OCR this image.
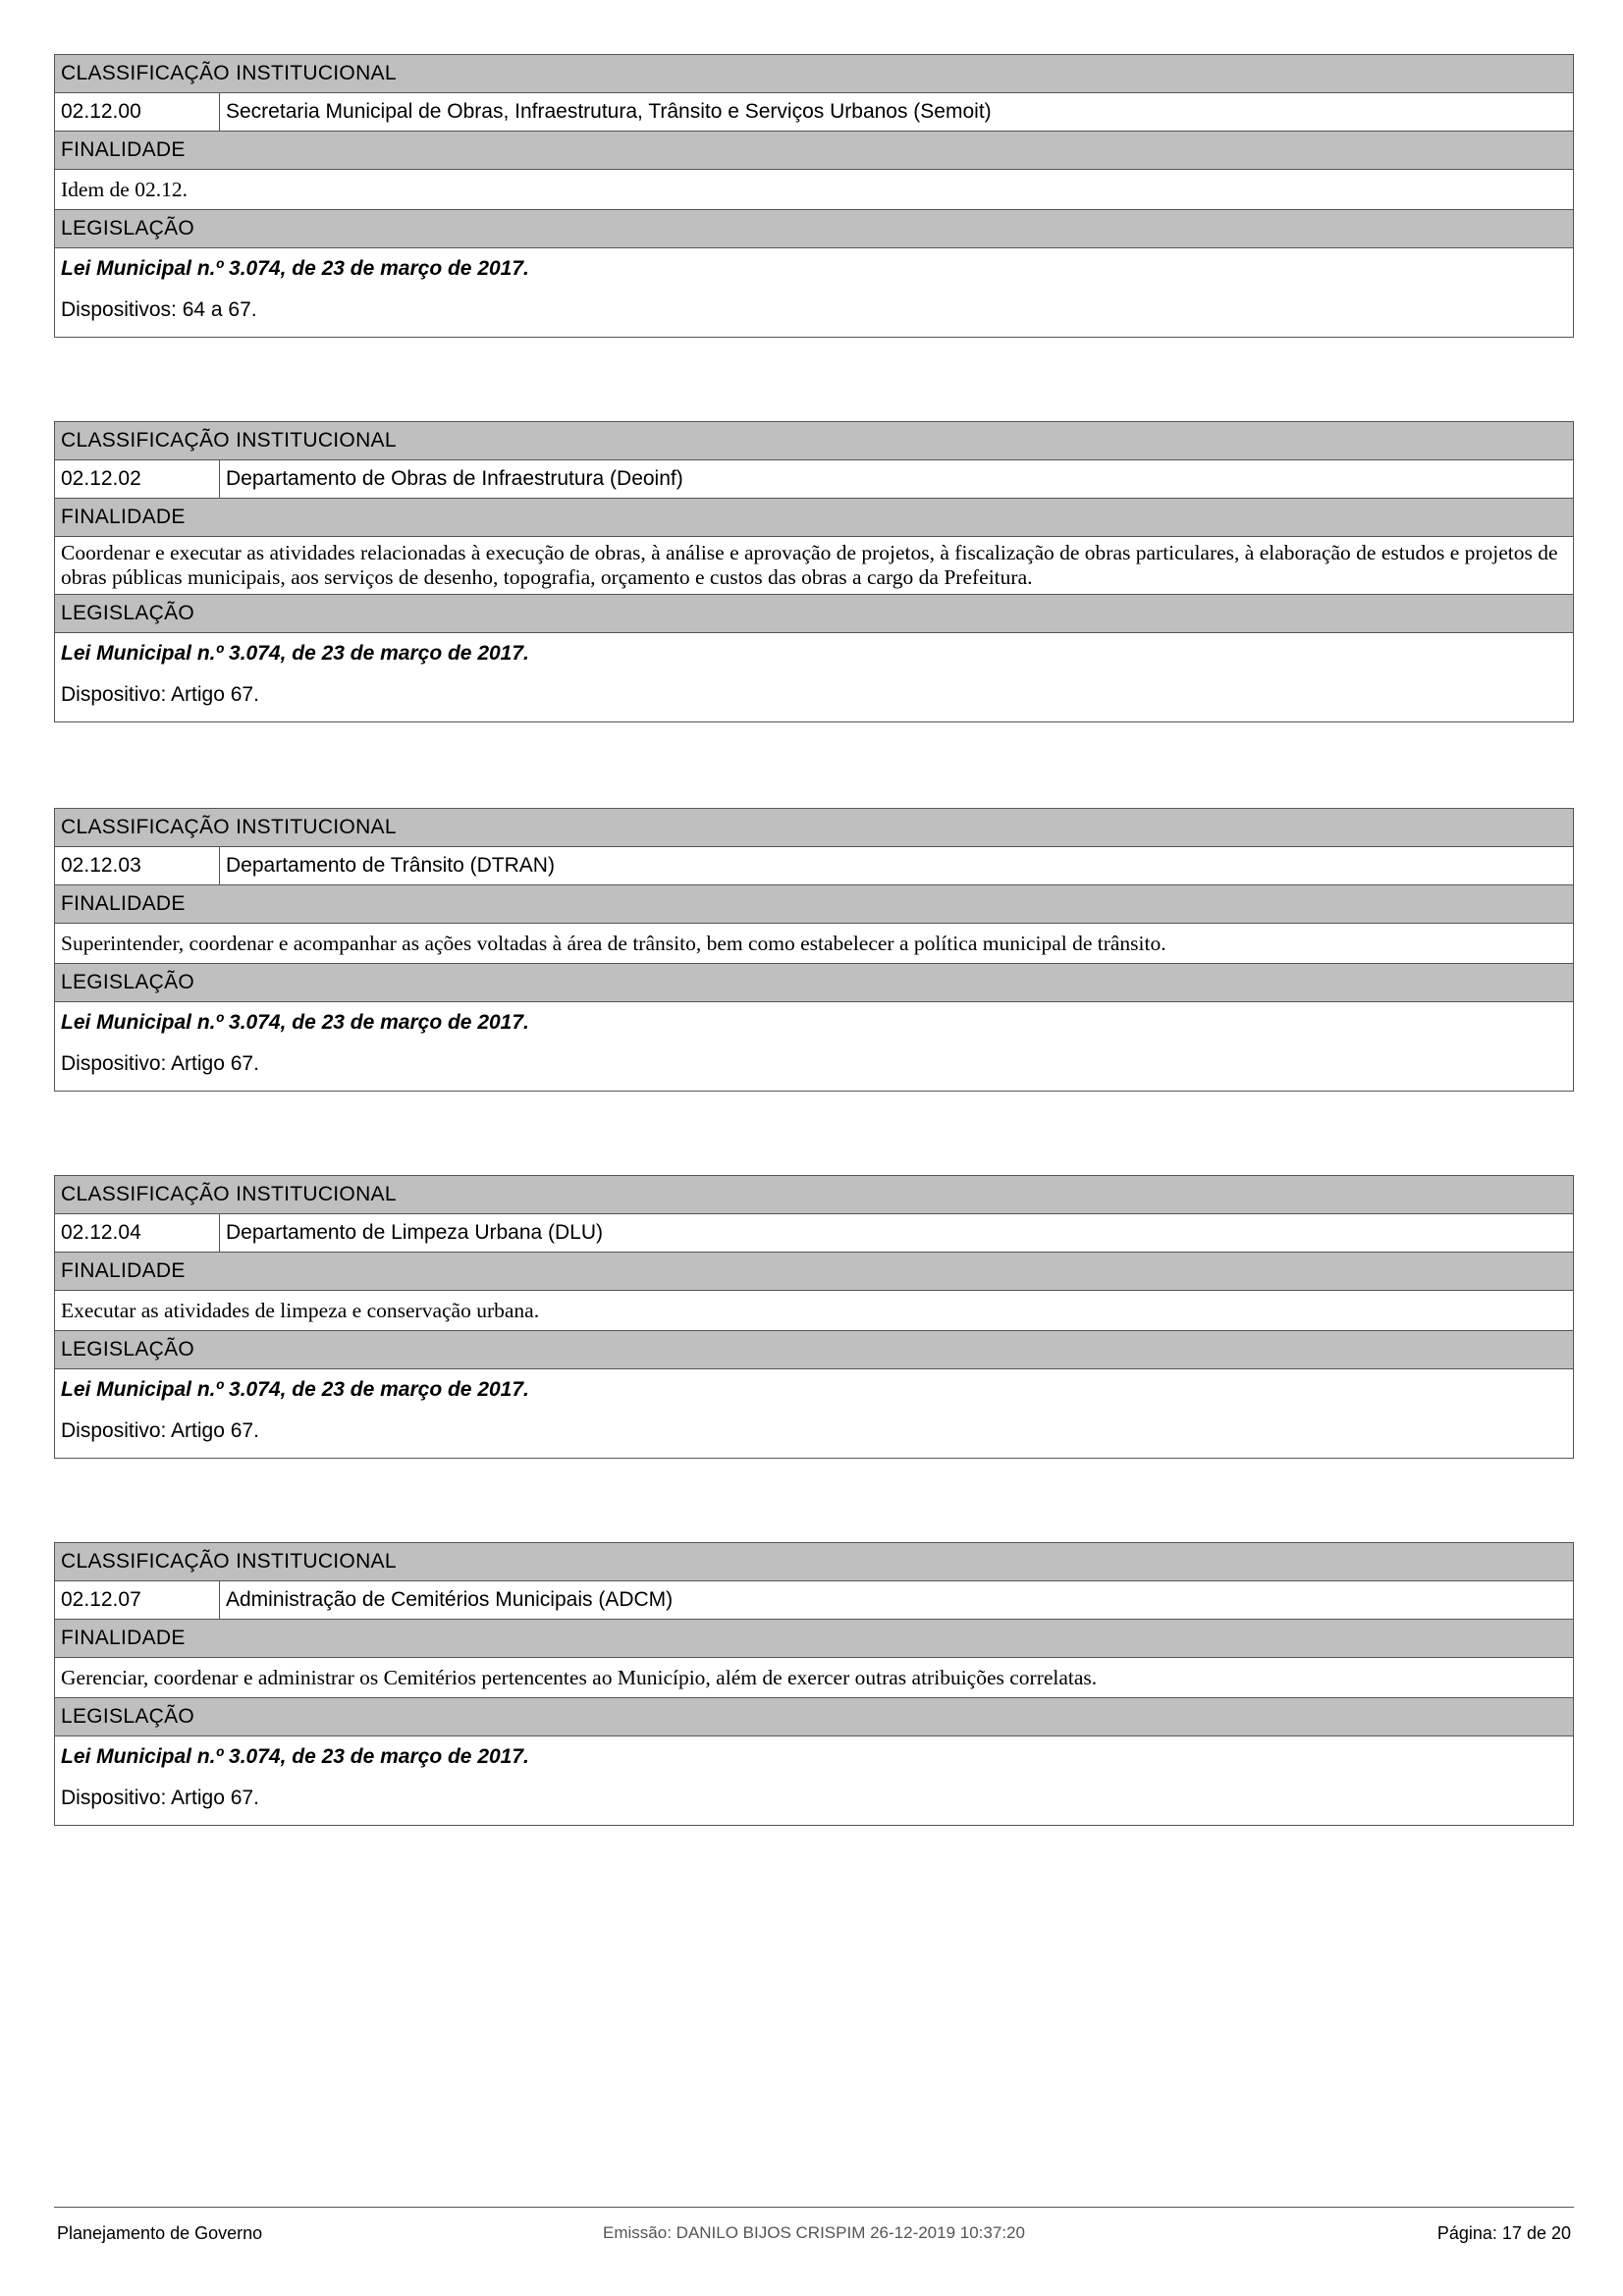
CLASSIFICAÇÃO INSTITUCIONAL
02.12.00	Secretaria Municipal de Obras, Infraestrutura, Trânsito e Serviços Urbanos (Semoit)
FINALIDADE
Idem de 02.12.
LEGISLAÇÃO
Lei Municipal n.º 3.074, de 23 de março de 2017.
Dispositivos: 64 a 67.
CLASSIFICAÇÃO INSTITUCIONAL
02.12.02	Departamento de Obras de Infraestrutura (Deoinf)
FINALIDADE
Coordenar e executar as atividades relacionadas à execução de obras, à análise e aprovação de projetos, à fiscalização de obras particulares, à elaboração de estudos e projetos de obras públicas municipais, aos serviços de desenho, topografia, orçamento e custos das obras a cargo da Prefeitura.
LEGISLAÇÃO
Lei Municipal n.º 3.074, de 23 de março de 2017.
Dispositivo: Artigo 67.
CLASSIFICAÇÃO INSTITUCIONAL
02.12.03	Departamento de Trânsito (DTRAN)
FINALIDADE
Superintender, coordenar e acompanhar as ações voltadas à área de trânsito, bem como estabelecer a política municipal de trânsito.
LEGISLAÇÃO
Lei Municipal n.º 3.074, de 23 de março de 2017.
Dispositivo: Artigo 67.
CLASSIFICAÇÃO INSTITUCIONAL
02.12.04	Departamento de Limpeza Urbana (DLU)
FINALIDADE
Executar as atividades de limpeza e conservação urbana.
LEGISLAÇÃO
Lei Municipal n.º 3.074, de 23 de março de 2017.
Dispositivo: Artigo 67.
CLASSIFICAÇÃO INSTITUCIONAL
02.12.07	Administração de Cemitérios Municipais (ADCM)
FINALIDADE
Gerenciar, coordenar e administrar os Cemitérios pertencentes ao Município, além de exercer outras atribuições correlatas.
LEGISLAÇÃO
Lei Municipal n.º 3.074, de 23 de março de 2017.
Dispositivo: Artigo 67.
Planejamento de Governo	Emissão: DANILO BIJOS CRISPIM 26-12-2019 10:37:20	Página: 17 de 20
